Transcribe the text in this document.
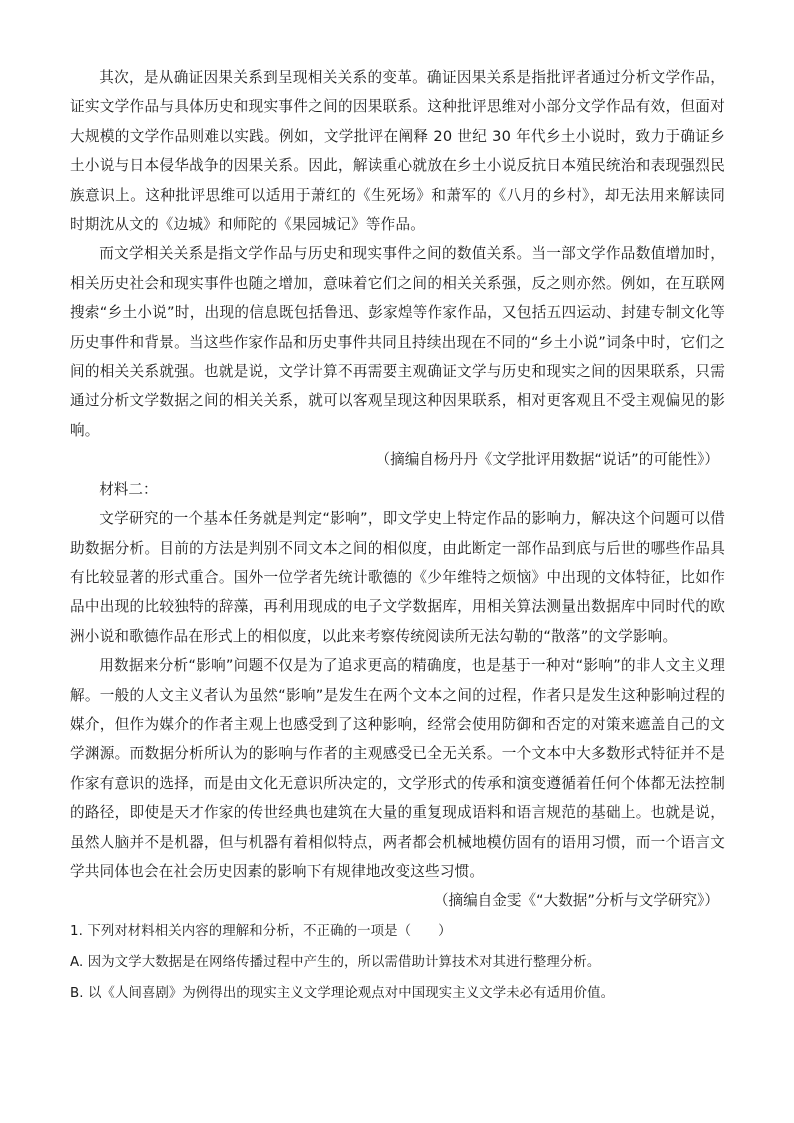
其次，是从确证因果关系到呈现相关关系的变革。确证因果关系是指批评者通过分析文学作品，证实文学作品与具体历史和现实事件之间的因果联系。这种批评思维对小部分文学作品有效，但面对大规模的文学作品则难以实践。例如，文学批评在阐释 20 世纪 30 年代乡土小说时，致力于确证乡土小说与日本侵华战争的因果关系。因此，解读重心就放在乡土小说反抗日本殖民统治和表现强烈民族意识上。这种批评思维可以适用于萧红的《生死场》和萧军的《八月的乡村》，却无法用来解读同时期沈从文的《边城》和师陀的《果园城记》等作品。

而文学相关关系是指文学作品与历史和现实事件之间的数值关系。当一部文学作品数值增加时，相关历史社会和现实事件也随之增加，意味着它们之间的相关关系强，反之则亦然。例如，在互联网搜索“乡土小说”时，出现的信息既包括鲁迅、彭家煌等作家作品，又包括五四运动、封建专制文化等历史事件和背景。当这些作家作品和历史事件共同且持续出现在不同的“乡土小说”词条中时，它们之间的相关关系就强。也就是说，文学计算不再需要主观确证文学与历史和现实之间的因果联系，只需通过分析文学数据之间的相关关系，就可以客观呈现这种因果联系，相对更客观且不受主观偏见的影响。

（摘编自杨丹丹《文学批评用数据“说话”的可能性》）

材料二：

文学研究的一个基本任务就是判定“影响”，即文学史上特定作品的影响力，解决这个问题可以借助数据分析。目前的方法是判别不同文本之间的相似度，由此断定一部作品到底与后世的哪些作品具有比较显著的形式重合。国外一位学者先统计歌德的《少年维特之烦恼》中出现的文体特征，比如作品中出现的比较独特的辞藻，再利用现成的电子文学数据库，用相关算法测量出数据库中同时代的欧洲小说和歌德作品在形式上的相似度，以此来考察传统阅读所无法勾勒的“散落”的文学影响。

用数据来分析“影响”问题不仅是为了追求更高的精确度，也是基于一种对“影响”的非人文主义理解。一般的人文主义者认为虽然“影响”是发生在两个文本之间的过程，作者只是发生这种影响过程的媒介，但作为媒介的作者主观上也感受到了这种影响，经常会使用防御和否定的对策来遮盖自己的文学渊源。而数据分析所认为的影响与作者的主观感受已全无关系。一个文本中大多数形式特征并不是作家有意识的选择，而是由文化无意识所决定的，文学形式的传承和演变遵循着任何个体都无法控制的路径，即使是天才作家的传世经典也建筑在大量的重复现成语料和语言规范的基础上。也就是说，虽然人脑并不是机器，但与机器有着相似特点，两者都会机械地模仿固有的语用习惯，而一个语言文学共同体也会在社会历史因素的影响下有规律地改变这些习惯。

（摘编自金雯《“大数据”分析与文学研究》）

1. 下列对材料相关内容的理解和分析，不正确的一项是（　　）

A. 因为文学大数据是在网络传播过程中产生的，所以需借助计算技术对其进行整理分析。

B. 以《人间喜剧》为例得出的现实主义文学理论观点对中国现实主义文学未必有适用价值。
